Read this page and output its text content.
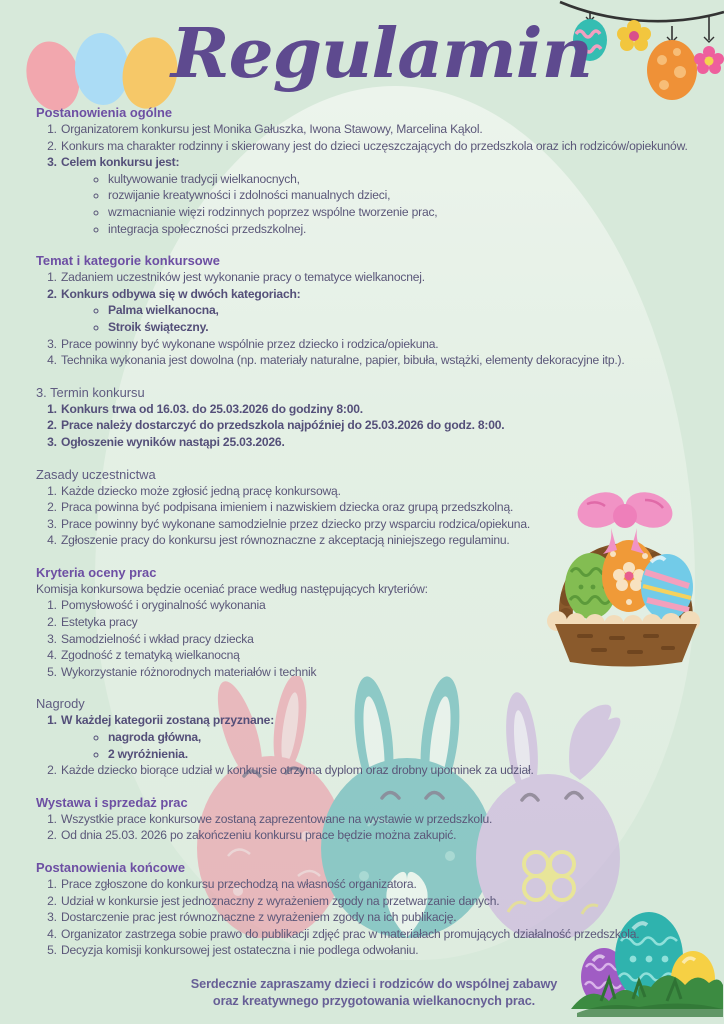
Regulamin
Postanowienia ogólne
1. Organizatorem konkursu jest Monika Gałuszka, Iwona Stawowy, Marcelina Kąkol.
2. Konkurs ma charakter rodzinny i skierowany jest do dzieci uczęszczających do przedszkola oraz ich rodziców/opiekunów.
3. Celem konkursu jest:
◦ kultywowanie tradycji wielkanocnych,
◦ rozwijanie kreatywności i zdolności manualnych dzieci,
◦ wzmacnianie więzi rodzinnych poprzez wspólne tworzenie prac,
◦ integracja społeczności przedszkolnej.
Temat i kategorie konkursowe
1. Zadaniem uczestników jest wykonanie pracy o tematyce wielkanocnej.
2. Konkurs odbywa się w dwóch kategoriach:
◦ Palma wielkanocna,
◦ Stroik świąteczny.
3. Prace powinny być wykonane wspólnie przez dziecko i rodzica/opiekuna.
4. Technika wykonania jest dowolna (np. materiały naturalne, papier, bibuła, wstążki, elementy dekoracyjne itp.).
3. Termin konkursu
1. Konkurs trwa od 16.03. do 25.03.2026 do godziny 8:00.
2. Prace należy dostarczyć do przedszkola najpóźniej do 25.03.2026 do godz. 8:00.
3. Ogłoszenie wyników nastąpi 25.03.2026.
Zasady uczestnictwa
1. Każde dziecko może zgłosić jedną pracę konkursową.
2. Praca powinna być podpisana imieniem i nazwiskiem dziecka oraz grupą przedszkolną.
3. Prace powinny być wykonane samodzielnie przez dziecko przy wsparciu rodzica/opiekuna.
4. Zgłoszenie pracy do konkursu jest równoznaczne z akceptacją niniejszego regulaminu.
Kryteria oceny prac
Komisja konkursowa będzie oceniać prace według następujących kryteriów:
1. Pomysłowość i oryginalność wykonania
2. Estetyka pracy
3. Samodzielność i wkład pracy dziecka
4. Zgodność z tematyką wielkanocną
5. Wykorzystanie różnorodnych materiałów i technik
Nagrody
1. W każdej kategorii zostaną przyznane:
◦ nagroda główna,
◦ 2 wyróżnienia.
2. Każde dziecko biorące udział w konkursie otrzyma dyplom oraz drobny upominek za udział.
Wystawa i sprzedaż prac
1. Wszystkie prace konkursowe zostaną zaprezentowane na wystawie w przedszkolu.
2. Od dnia 25.03. 2026 po zakończeniu konkursu prace będzie można zakupić.
Postanowienia końcowe
1. Prace zgłoszone do konkursu przechodzą na własność organizatora.
2. Udział w konkursie jest jednoznaczny z wyrażeniem zgody na przetwarzanie danych.
3. Dostarczenie prac jest równoznaczne z wyrażeniem zgody na ich publikację.
4. Organizator zastrzega sobie prawo do publikacji zdjęć prac w materiałach promujących działalność przedszkola.
5. Decyzja komisji konkursowej jest ostateczna i nie podlega odwołaniu.
Serdecznie zapraszamy dzieci i rodziców do wspólnej zabawy
oraz kreatywnego przygotowania wielkanocnych prac.
